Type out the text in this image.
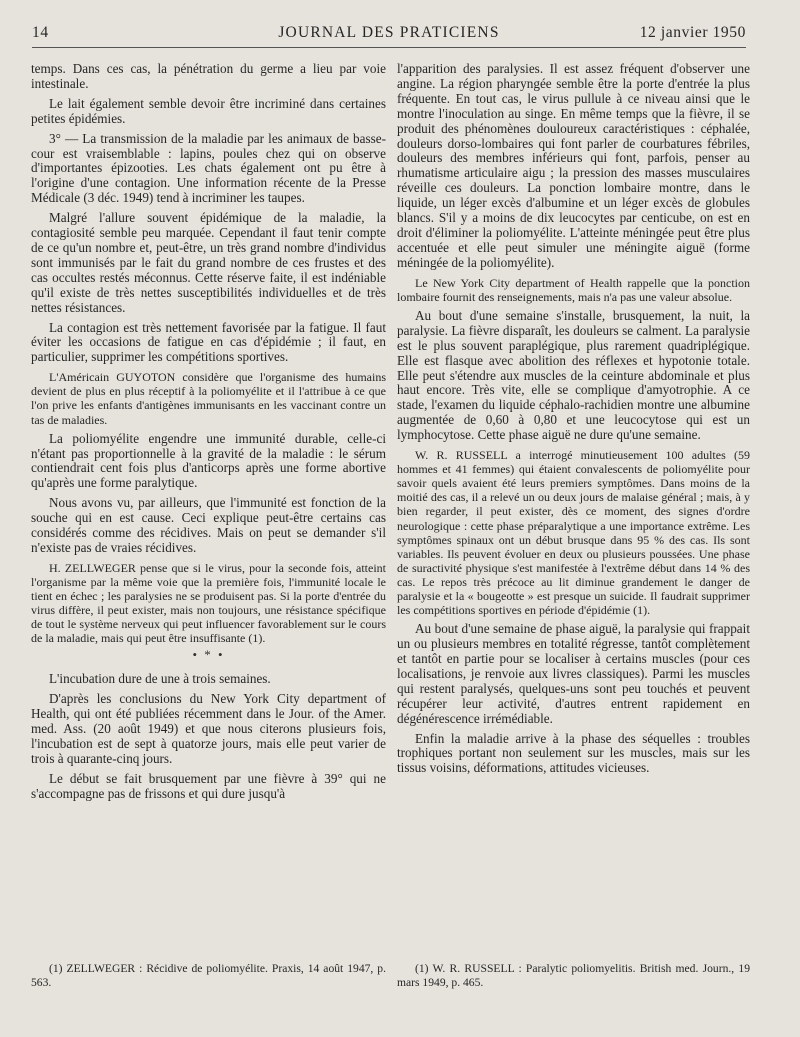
14	JOURNAL DES PRATICIENS	12 janvier 1950

temps. Dans ces cas, la pénétration du germe a lieu par voie intestinale.

Le lait également semble devoir être incriminé dans certaines petites épidémies.

3° — La transmission de la maladie par les animaux de basse-cour est vraisemblable : lapins, poules chez qui on observe d'importantes épizooties. Les chats également ont pu être à l'origine d'une contagion. Une information récente de la Presse Médicale (3 déc. 1949) tend à incriminer les taupes.

Malgré l'allure souvent épidémique de la maladie, la contagiosité semble peu marquée. Cependant il faut tenir compte de ce qu'un nombre et, peut-être, un très grand nombre d'individus sont immunisés par le fait du grand nombre de ces frustes et des cas occultes restés méconnus. Cette réserve faite, il est indéniable qu'il existe de très nettes susceptibilités individuelles et de très nettes résistances.

La contagion est très nettement favorisée par la fatigue. Il faut éviter les occasions de fatigue en cas d'épidémie ; il faut, en particulier, supprimer les compétitions sportives.

L'Américain GUYOTON considère que l'organisme des humains devient de plus en plus réceptif à la poliomyélite et il l'attribue à ce que l'on prive les enfants d'antigènes immunisants en les vaccinant contre un tas de maladies.

La poliomyélite engendre une immunité durable, celle-ci n'étant pas proportionnelle à la gravité de la maladie : le sérum contiendrait cent fois plus d'anticorps après une forme abortive qu'après une forme paralytique.

Nous avons vu, par ailleurs, que l'immunité est fonction de la souche qui en est cause. Ceci explique peut-être certains cas considérés comme des récidives. Mais on peut se demander s'il n'existe pas de vraies récidives.

H. ZELLWEGER pense que si le virus, pour la seconde fois, atteint l'organisme par la même voie que la première fois, l'immunité locale le tient en échec ; les paralysies ne se produisent pas. Si la porte d'entrée du virus diffère, il peut exister, mais non toujours, une résistance spécifique de tout le système nerveux qui peut influencer favorablement sur le cours de la maladie, mais qui peut être insuffisante (1).

• * •

L'incubation dure de une à trois semaines.

D'après les conclusions du New York City department of Health, qui ont été publiées récemment dans le Jour. of the Amer. med. Ass. (20 août 1949) et que nous citerons plusieurs fois, l'incubation est de sept à quatorze jours, mais elle peut varier de trois à quarante-cinq jours.

Le début se fait brusquement par une fièvre à 39° qui ne s'accompagne pas de frissons et qui dure jusqu'à

l'apparition des paralysies. Il est assez fréquent d'observer une angine. La région pharyngée semble être la porte d'entrée la plus fréquente. En tout cas, le virus pullule à ce niveau ainsi que le montre l'inoculation au singe. En même temps que la fièvre, il se produit des phénomènes douloureux caractéristiques : céphalée, douleurs dorso-lombaires qui font parler de courbatures fébriles, douleurs des membres inférieurs qui font, parfois, penser au rhumatisme articulaire aigu ; la pression des masses musculaires réveille ces douleurs. La ponction lombaire montre, dans le liquide, un léger excès d'albumine et un léger excès de globules blancs. S'il y a moins de dix leucocytes par centicube, on est en droit d'éliminer la poliomyélite. L'atteinte méningée peut être plus accentuée et elle peut simuler une méningite aiguë (forme méningée de la poliomyélite).

Le New York City department of Health rappelle que la ponction lombaire fournit des renseignements, mais n'a pas une valeur absolue.

Au bout d'une semaine s'installe, brusquement, la nuit, la paralysie. La fièvre disparaît, les douleurs se calment. La paralysie est le plus souvent paraplégique, plus rarement quadriplégique. Elle est flasque avec abolition des réflexes et hypotonie totale. Elle peut s'étendre aux muscles de la ceinture abdominale et plus haut encore. Très vite, elle se complique d'amyotrophie. A ce stade, l'examen du liquide céphalo-rachidien montre une albumine augmentée de 0,60 à 0,80 et une leucocytose qui est un lymphocytose. Cette phase aiguë ne dure qu'une semaine.

W. R. RUSSELL a interrogé minutieusement 100 adultes (59 hommes et 41 femmes) qui étaient convalescents de poliomyélite pour savoir quels avaient été leurs premiers symptômes. Dans moins de la moitié des cas, il a relevé un ou deux jours de malaise général ; mais, à y bien regarder, il peut exister, dès ce moment, des signes d'ordre neurologique : cette phase préparalytique a une importance extrême. Les symptômes spinaux ont un début brusque dans 95 % des cas. Ils sont variables. Ils peuvent évoluer en deux ou plusieurs poussées. Une phase de suractivité physique s'est manifestée à l'extrême début dans 14 % des cas. Le repos très précoce au lit diminue grandement le danger de paralysie et la « bougeotte » est presque un suicide. Il faudrait supprimer les compétitions sportives en période d'épidémie (1).

Au bout d'une semaine de phase aiguë, la paralysie qui frappait un ou plusieurs membres en totalité régresse, tantôt complètement et tantôt en partie pour se localiser à certains muscles (pour ces localisations, je renvoie aux livres classiques). Parmi les muscles qui restent paralysés, quelques-uns sont peu touchés et peuvent récupérer leur activité, d'autres entrent rapidement en dégénérescence irrémédiable.

Enfin la maladie arrive à la phase des séquelles : troubles trophiques portant non seulement sur les muscles, mais sur les tissus voisins, déformations, attitudes vicieuses.

(1) ZELLWEGER : Récidive de poliomyélite. Praxis, 14 août 1947, p. 563.

(1) W. R. RUSSELL : Paralytic poliomyelitis. British med. Journ., 19 mars 1949, p. 465.
